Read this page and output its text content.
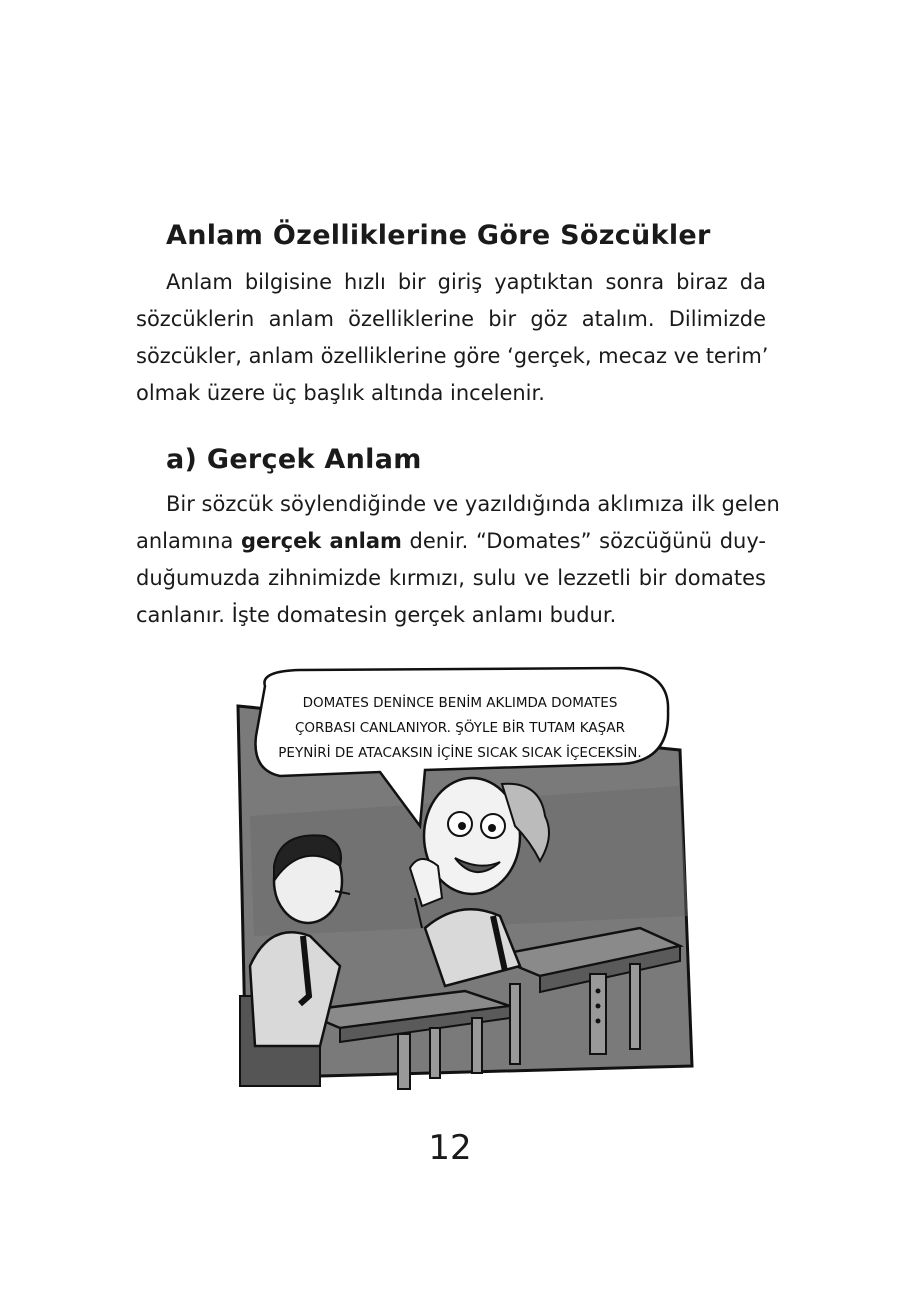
Anlam Özelliklerine Göre Sözcükler
Anlam bilgisine hızlı bir giriş yaptıktan sonra biraz da
sözcüklerin anlam özelliklerine bir göz atalım. Dilimizde
sözcükler, anlam özelliklerine göre ‘gerçek, mecaz ve terim’
olmak üzere üç başlık altında incelenir.
a) Gerçek Anlam
Bir sözcük söylendiğinde ve yazıldığında aklımıza ilk gelen
anlamına gerçek anlam denir. “Domates” sözcüğünü duy-
duğumuzda zihnimizde kırmızı, sulu ve lezzetli bir domates
canlanır. İşte domatesin gerçek anlamı budur.
DOMATES DENİNCE BENİM AKLIMDA DOMATES
ÇORBASI CANLANIYOR. ŞÖYLE BİR TUTAM KAŞAR
PEYNİRİ DE ATACAKSIN İÇİNE SICAK SICAK İÇECEKSİN.
12
